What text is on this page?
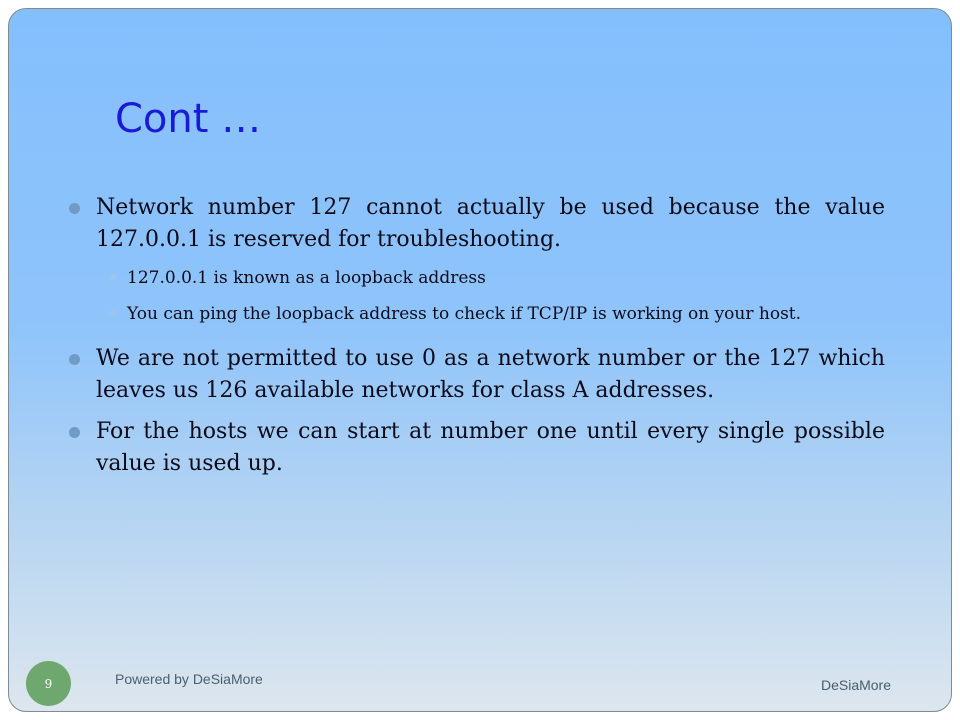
Cont …

Network number 127 cannot actually be used because the value 127.0.0.1 is reserved for troubleshooting.

127.0.0.1 is known as a loopback address

You can ping the loopback address to check if TCP/IP is working on your host.

We are not permitted to use 0 as a network number or the 127 which leaves us 126 available networks for class A addresses.

For the hosts we can start at number one until every single possible value is used up.

9	Powered by DeSiaMore	DeSiaMore
